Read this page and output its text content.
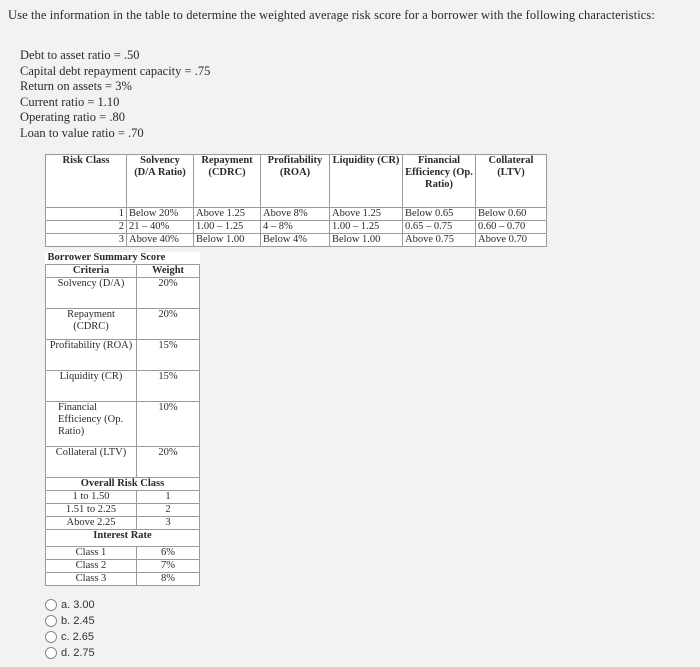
Use the information in the table to determine the weighted average risk score for a borrower with the following characteristics:
Debt to asset ratio = .50
Capital debt repayment capacity = .75
Return on assets = 3%
Current ratio = 1.10
Operating ratio = .80
Loan to value ratio = .70
Risk Class	Solvency (D/A Ratio)	Repayment (CDRC)	Profitability (ROA)	Liquidity (CR)	Financial Efficiency (Op. Ratio)	Collateral (LTV)
1	Below 20%	Above 1.25	Above 8%	Above 1.25	Below 0.65	Below 0.60
2	21 – 40%	1.00 – 1.25	4 – 8%	1.00 – 1.25	0.65 – 0.75	0.60 – 0.70
3	Above 40%	Below 1.00	Below 4%	Below 1.00	Above 0.75	Above 0.70
Borrower Summary Score	
Criteria	Weight
Solvency (D/A)	20%
Repayment (CDRC)	20%
Profitability (ROA)	15%
Liquidity (CR)	15%
Financial Efficiency (Op. Ratio)	10%
Collateral (LTV)	20%
Overall Risk Class	
1 to 1.50	1
1.51 to 2.25	2
Above 2.25	3
Interest Rate	
Class 1	6%
Class 2	7%
Class 3	8%
a.
3.00
b.
2.45
c.
2.65
d.
2.75
